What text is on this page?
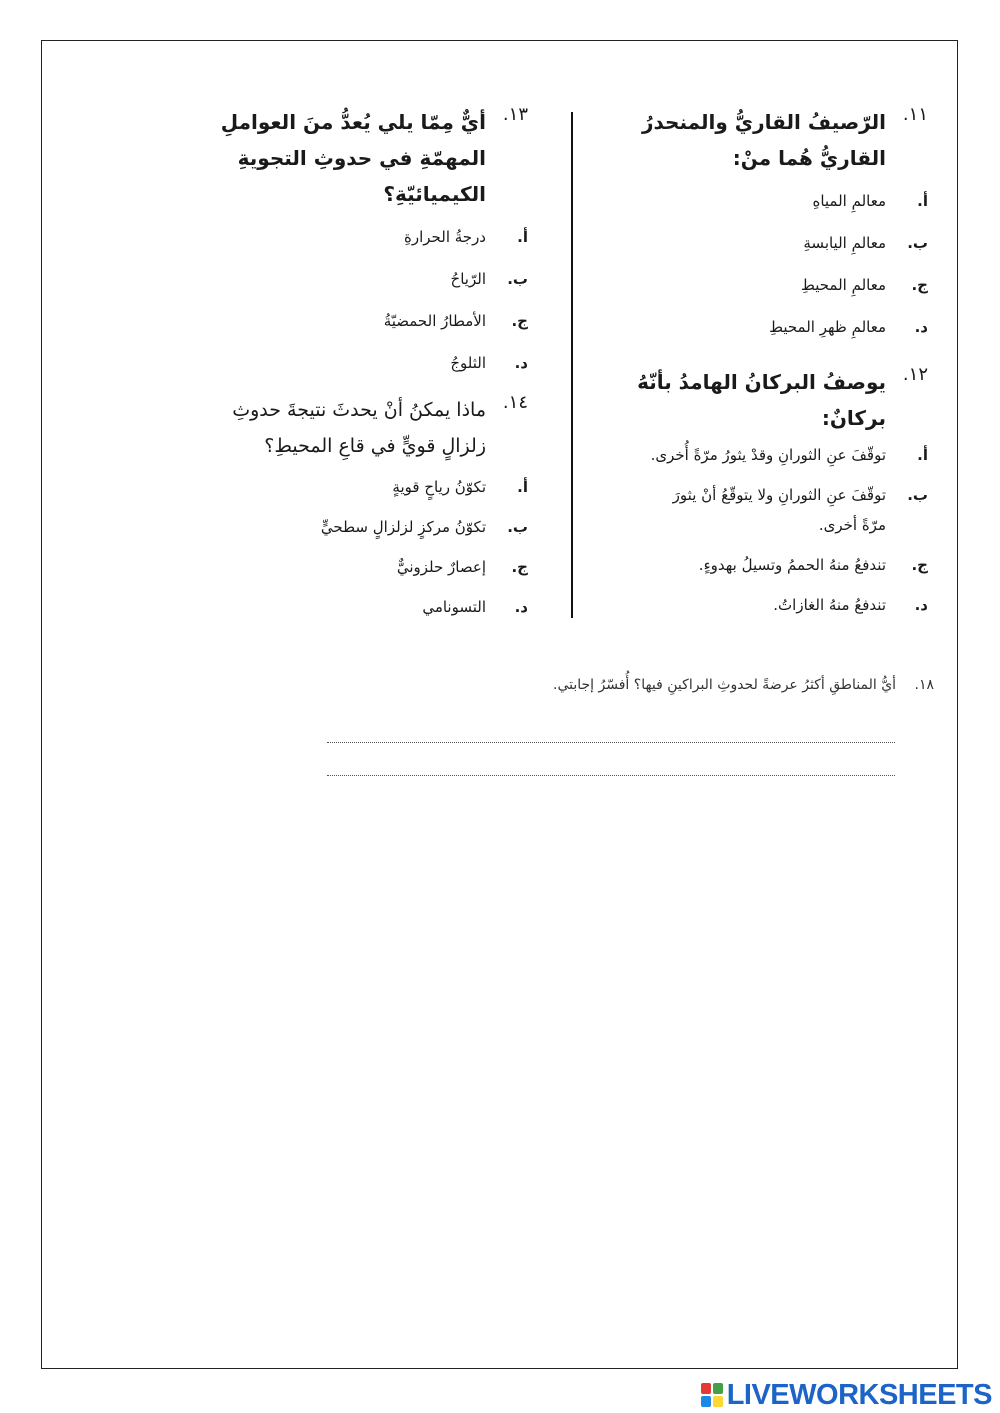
١١.
الرّصيفُ القاريُّ والمنحدرُ القاريُّ هُما منْ:
أ.
معالمِ المياهِ
ب.
معالمِ اليابسةِ
ج.
معالمِ المحيطِ
د.
معالمِ ظهرِ المحيطِ
١٢.
يوصفُ البركانُ الهامدُ بأنّهُ بركانٌ:
أ.
توقّفَ عنِ الثورانِ وقدْ يثورُ مرّةً أُخرى.
ب.
توقّفَ عنِ الثورانِ ولا يتوقّعُ أنْ يثورَ مرّةً أخرى.
ج.
تندفعُ منهُ الحممُ وتسيلُ بهدوءٍ.
د.
تندفعُ منهُ الغازاتُ.
١٣.
أيٌّ مِمّا يلي يُعدُّ منَ العواملِ المهمّةِ في حدوثِ التجويةِ الكيميائيّةِ؟
أ.
درجةُ الحرارةِ
ب.
الرّياحُ
ج.
الأمطارُ الحمضيّةُ
د.
الثلوجُ
١٤.
ماذا يمكنُ أنْ يحدثَ نتيجةَ حدوثِ زلزالٍ قويٍّ في قاعِ المحيطِ؟
أ.
تكوّنُ رياحٍ قويةٍ
ب.
تكوّنُ مركزٍ لزلزالٍ سطحيٍّ
ج.
إعصارٌ حلزونيٌّ
د.
التسونامي
١٨. أيُّ المناطقِ أكثرُ عرضةً لحدوثِ البراكينِ فيها؟ أُفسّرُ إجابتي.
LIVEWORKSHEETS
